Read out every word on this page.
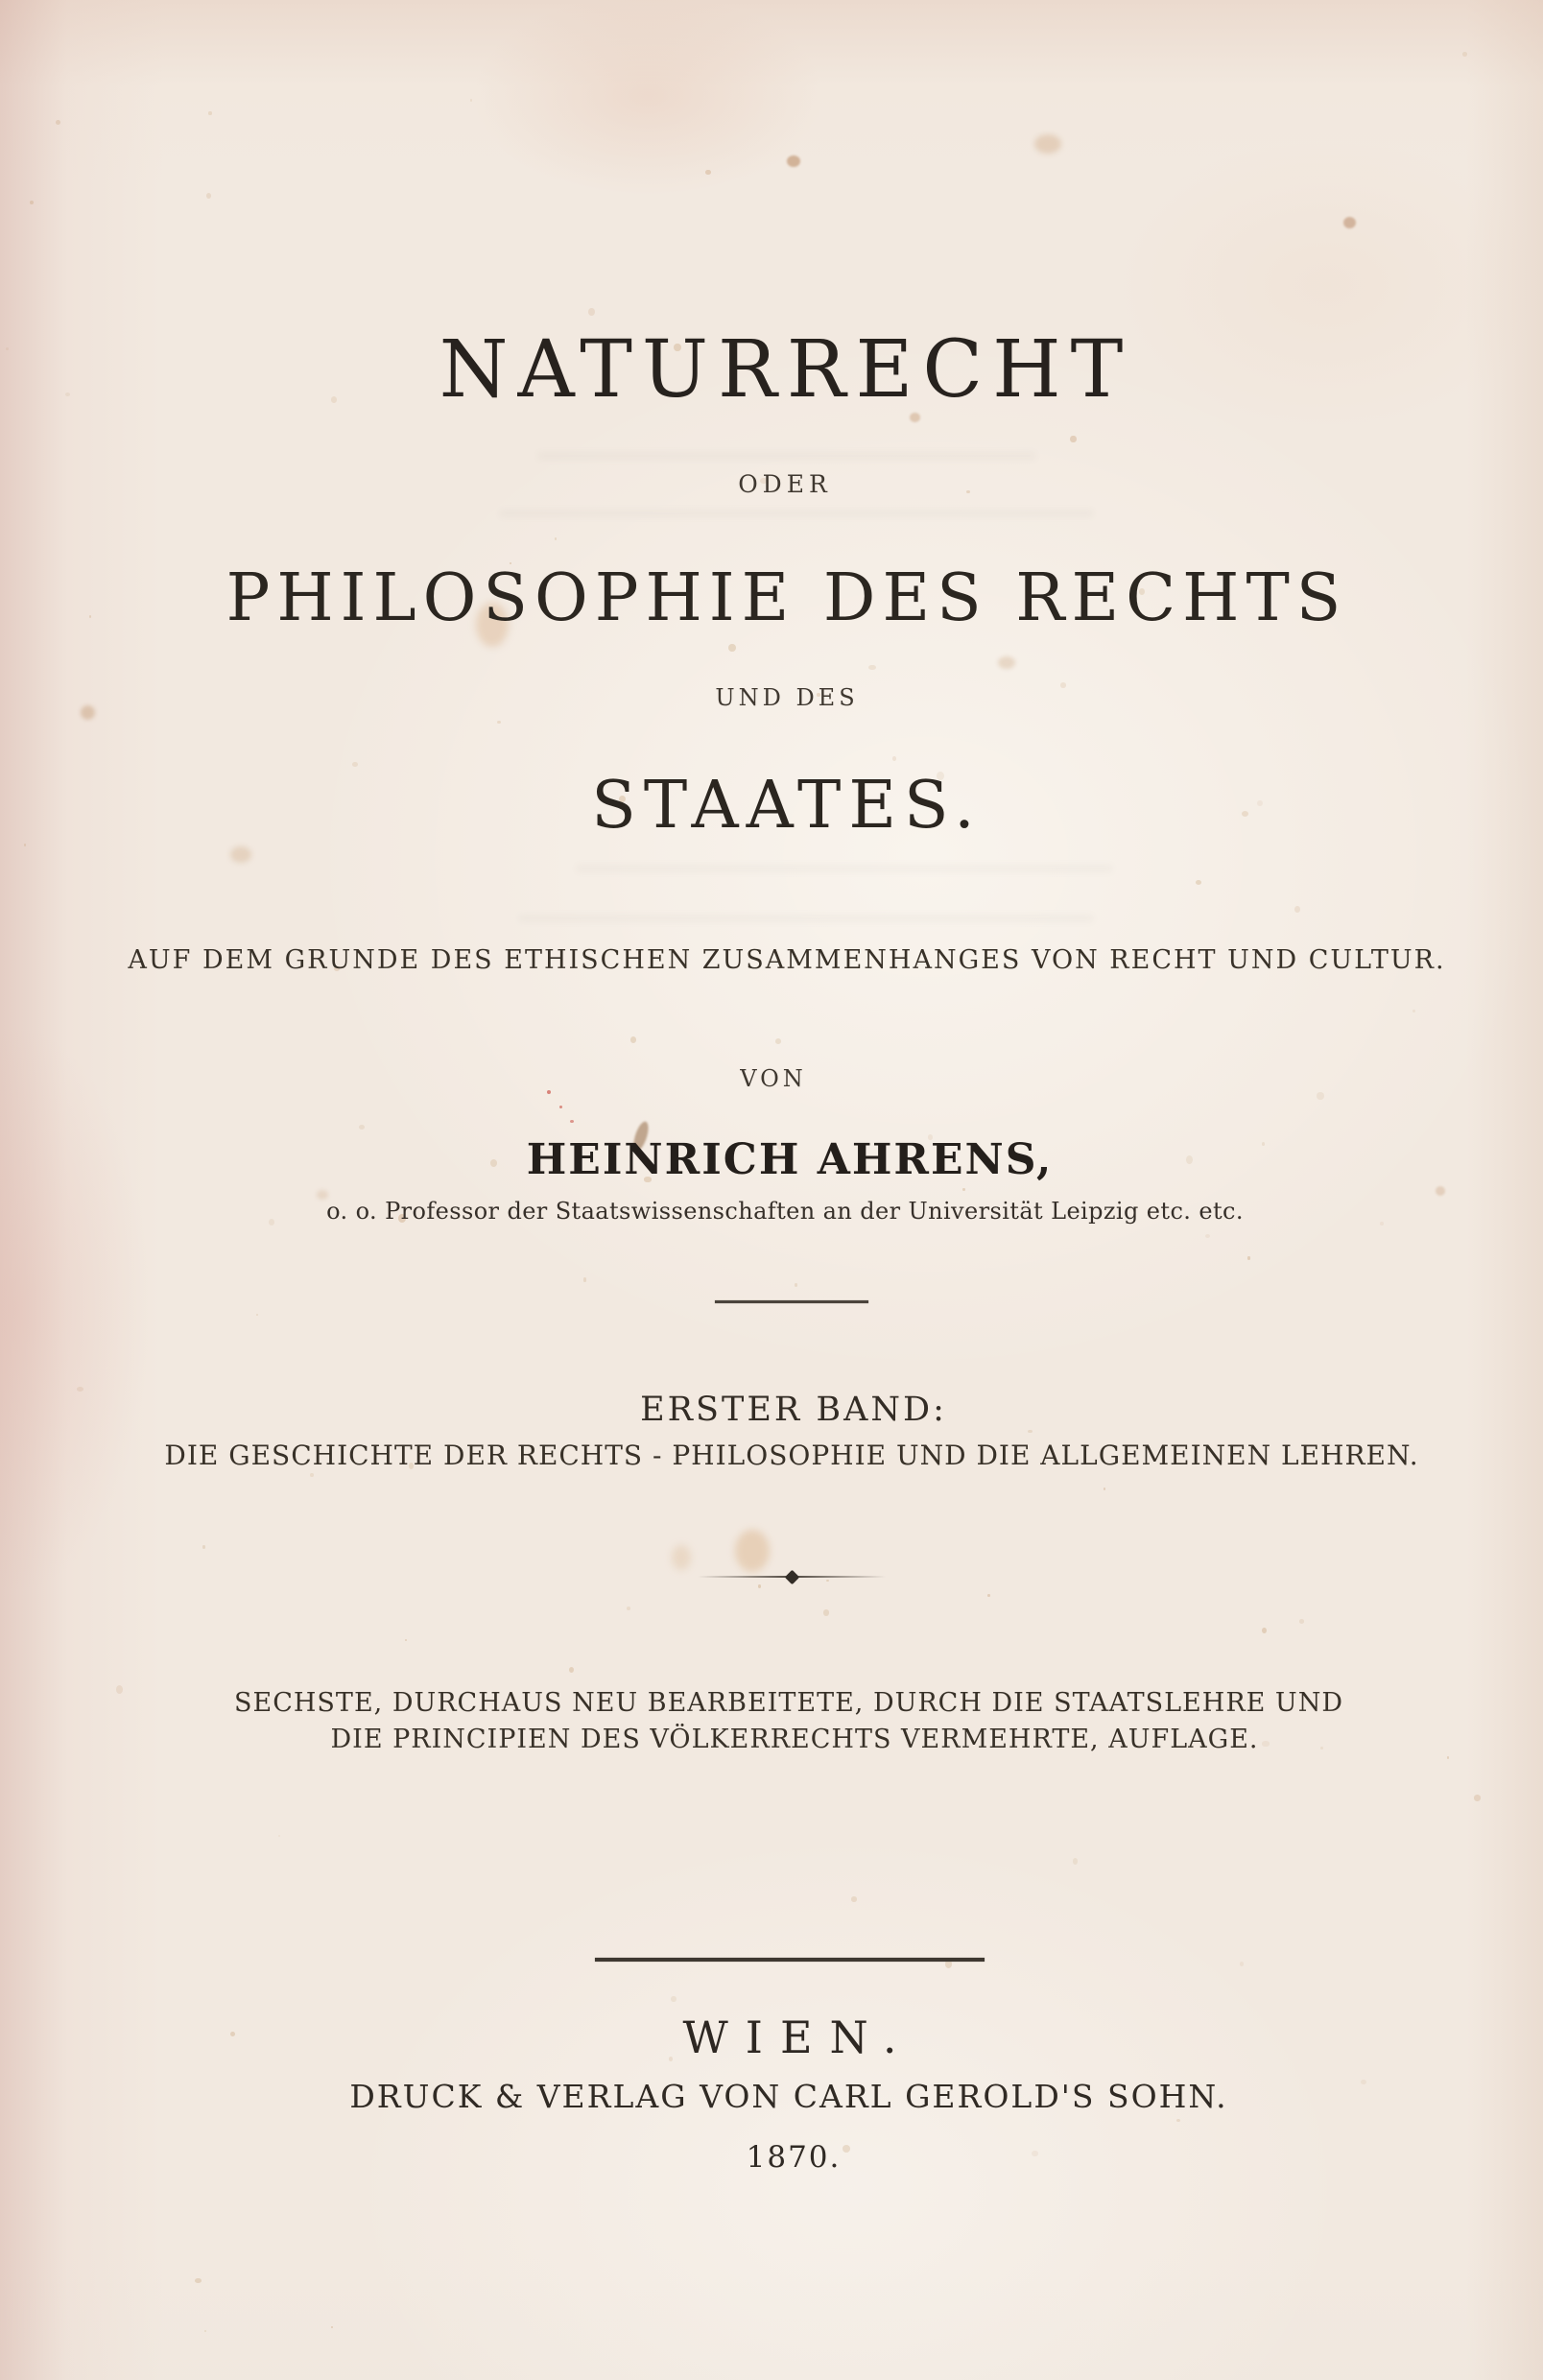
NATURRECHT
ODER
PHILOSOPHIE DES RECHTS
UND DES
STAATES.
AUF DEM GRUNDE DES ETHISCHEN ZUSAMMENHANGES VON RECHT UND CULTUR.
VON
HEINRICH AHRENS,
o. o. Professor der Staatswissenschaften an der Universität Leipzig etc. etc.
ERSTER BAND:
DIE GESCHICHTE DER RECHTS - PHILOSOPHIE UND DIE ALLGEMEINEN LEHREN.
SECHSTE, DURCHAUS NEU BEARBEITETE, DURCH DIE STAATSLEHRE UND
DIE PRINCIPIEN DES VÖLKERRECHTS VERMEHRTE, AUFLAGE.
WIEN.
DRUCK & VERLAG VON CARL GEROLD'S SOHN.
1870.
